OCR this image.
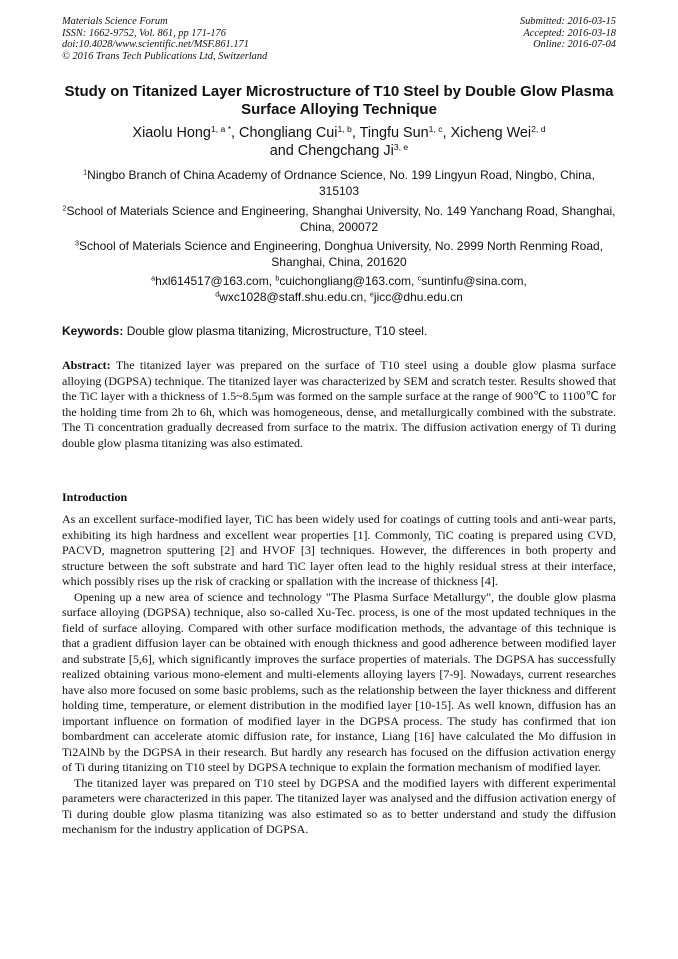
Materials Science Forum
ISSN: 1662-9752, Vol. 861, pp 171-176
doi:10.4028/www.scientific.net/MSF.861.171
© 2016 Trans Tech Publications Ltd, Switzerland
Submitted: 2016-03-15
Accepted: 2016-03-18
Online: 2016-07-04
Study on Titanized Layer Microstructure of T10 Steel by Double Glow Plasma Surface Alloying Technique
Xiaolu Hong$^{1, a *}$, Chongliang Cui$^{1, b}$, Tingfu Sun$^{1, c}$, Xicheng Wei$^{2, d}$
and Chengchang Ji$^{3, e}$
$^1$Ningbo Branch of China Academy of Ordnance Science, No. 199 Lingyun Road, Ningbo, China, 315103
$^2$School of Materials Science and Engineering, Shanghai University, No. 149 Yanchang Road, Shanghai, China, 200072
$^3$School of Materials Science and Engineering, Donghua University, No. 2999 North Renming Road, Shanghai, China, 201620
$^a$hxl614517@163.com, $^b$cuichongliang@163.com, $^c$suntinfu@sina.com,
$^d$wxc1028@staff.shu.edu.cn, $^e$jicc@dhu.edu.cn
Keywords: Double glow plasma titanizing, Microstructure, T10 steel.
Abstract: The titanized layer was prepared on the surface of T10 steel using a double glow plasma surface alloying (DGPSA) technique. The titanized layer was characterized by SEM and scratch tester. Results showed that the TiC layer with a thickness of 1.5~8.5μm was formed on the sample surface at the range of 900℃ to 1100℃ for the holding time from 2h to 6h, which was homogeneous, dense, and metallurgically combined with the substrate. The Ti concentration gradually decreased from surface to the matrix. The diffusion activation energy of Ti during double glow plasma titanizing was also estimated.
Introduction

As an excellent surface-modified layer, TiC has been widely used for coatings of cutting tools and anti-wear parts, exhibiting its high hardness and excellent wear properties [1]. Commonly, TiC coating is prepared using CVD, PACVD, magnetron sputtering [2] and HVOF [3] techniques. However, the differences in both property and structure between the soft substrate and hard TiC layer often lead to the highly residual stress at their interface, which possibly rises up the risk of cracking or spallation with the increase of thickness [4].

Opening up a new area of science and technology "The Plasma Surface Metallurgy", the double glow plasma surface alloying (DGPSA) technique, also so-called Xu-Tec. process, is one of the most updated techniques in the field of surface alloying. Compared with other surface modification methods, the advantage of this technique is that a gradient diffusion layer can be obtained with enough thickness and good adherence between modified layer and substrate [5,6], which significantly improves the surface properties of materials. The DGPSA has successfully realized obtaining various mono-element and multi-elements alloying layers [7-9]. Nowadays, current researches have also more focused on some basic problems, such as the relationship between the layer thickness and different holding time, temperature, or element distribution in the modified layer [10-15]. As well known, diffusion has an important influence on formation of modified layer in the DGPSA process. The study has confirmed that ion bombardment can accelerate atomic diffusion rate, for instance, Liang [16] have calculated the Mo diffusion in Ti2AlNb by the DGPSA in their research. But hardly any research has focused on the diffusion activation energy of Ti during titanizing on T10 steel by DGPSA technique to explain the formation mechanism of modified layer.

The titanized layer was prepared on T10 steel by DGPSA and the modified layers with different experimental parameters were characterized in this paper. The titanized layer was analysed and the diffusion activation energy of Ti during double glow plasma titanizing was also estimated so as to better understand and study the diffusion mechanism for the industry application of DGPSA.
